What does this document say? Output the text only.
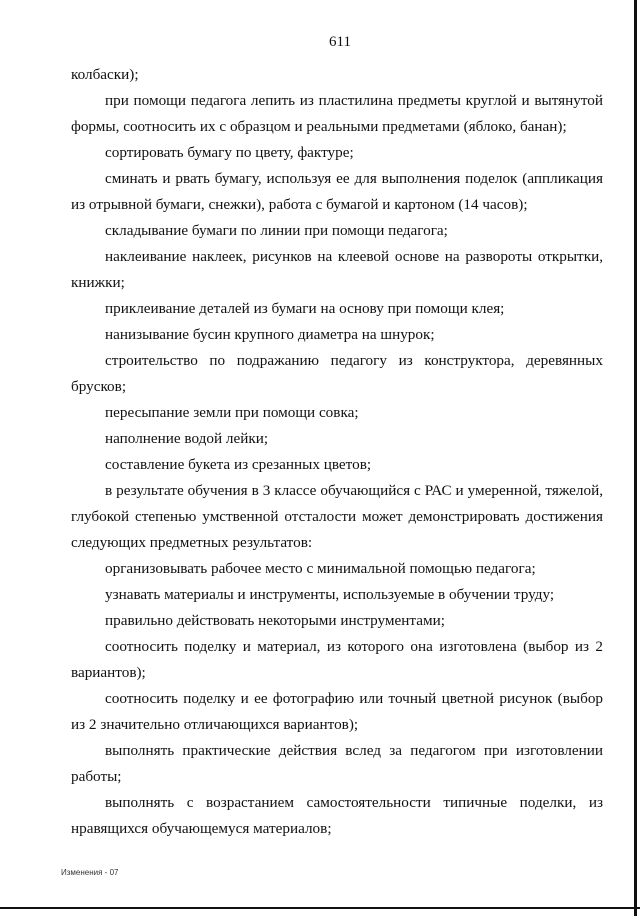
611

колбаски);

при помощи педагога лепить из пластилина предметы круглой и вытянутой формы, соотносить их с образцом и реальными предметами (яблоко, банан);

сортировать бумагу по цвету, фактуре;

сминать и рвать бумагу, используя ее для выполнения поделок (аппликация из отрывной бумаги, снежки), работа с бумагой и картоном (14 часов);

складывание бумаги по линии при помощи педагога;

наклеивание наклеек, рисунков на клеевой основе на развороты открытки, книжки;

приклеивание деталей из бумаги на основу при помощи клея;

нанизывание бусин крупного диаметра на шнурок;

строительство по подражанию педагогу из конструктора, деревянных брусков;

пересыпание земли при помощи совка;

наполнение водой лейки;

составление букета из срезанных цветов;

в результате обучения в 3 классе обучающийся с РАС и умеренной, тяжелой, глубокой степенью умственной отсталости может демонстрировать достижения следующих предметных результатов:

организовывать рабочее место с минимальной помощью педагога;

узнавать материалы и инструменты, используемые в обучении труду;

правильно действовать некоторыми инструментами;

соотносить поделку и материал, из которого она изготовлена (выбор из 2 вариантов);

соотносить поделку и ее фотографию или точный цветной рисунок (выбор из 2 значительно отличающихся вариантов);

выполнять практические действия вслед за педагогом при изготовлении работы;

выполнять с возрастанием самостоятельности типичные поделки, из нравящихся обучающемуся материалов;

Изменения - 07
